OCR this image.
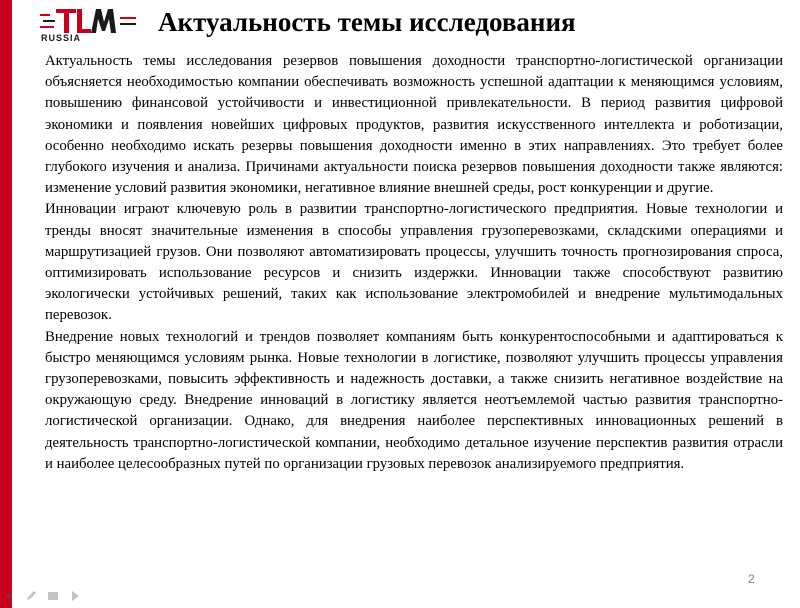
RUSSIA
Актуальность темы исследования

Актуальность темы исследования резервов повышения доходности транспортно-логистической организации объясняется необходимостью компании обеспечивать возможность успешной адаптации к меняющимся условиям, повышению финансовой устойчивости и инвестиционной привлекательности. В период развития цифровой экономики и появления новейших цифровых продуктов, развития искусственного интеллекта и роботизации, особенно необходимо искать резервы повышения доходности именно в этих направлениях. Это требует более глубокого изучения и анализа. Причинами актуальности поиска резервов повышения доходности также являются: изменение условий развития экономики, негативное влияние внешней среды, рост конкуренции и другие.

Инновации играют ключевую роль в развитии транспортно-логистического предприятия. Новые технологии и тренды вносят значительные изменения в способы управления грузоперевозками, складскими операциями и маршрутизацией грузов. Они позволяют автоматизировать процессы, улучшить точность прогнозирования спроса, оптимизировать использование ресурсов и снизить издержки. Инновации также способствуют развитию экологически устойчивых решений, таких как использование электромобилей и внедрение мультимодальных перевозок.

Внедрение новых технологий и трендов позволяет компаниям быть конкурентоспособными и адаптироваться к быстро меняющимся условиям рынка. Новые технологии в логистике, позволяют улучшить процессы управления грузоперевозками, повысить эффективность и надежность доставки, а также снизить негативное воздействие на окружающую среду. Внедрение инноваций в логистику является неотъемлемой частью развития транспортно-логистической организации. Однако, для внедрения наиболее перспективных инновационных решений в деятельность транспортно-логистической компании, необходимо детальное изучение перспектив развития отрасли и наиболее целесообразных путей по организации грузовых перевозок анализируемого предприятия.

2
